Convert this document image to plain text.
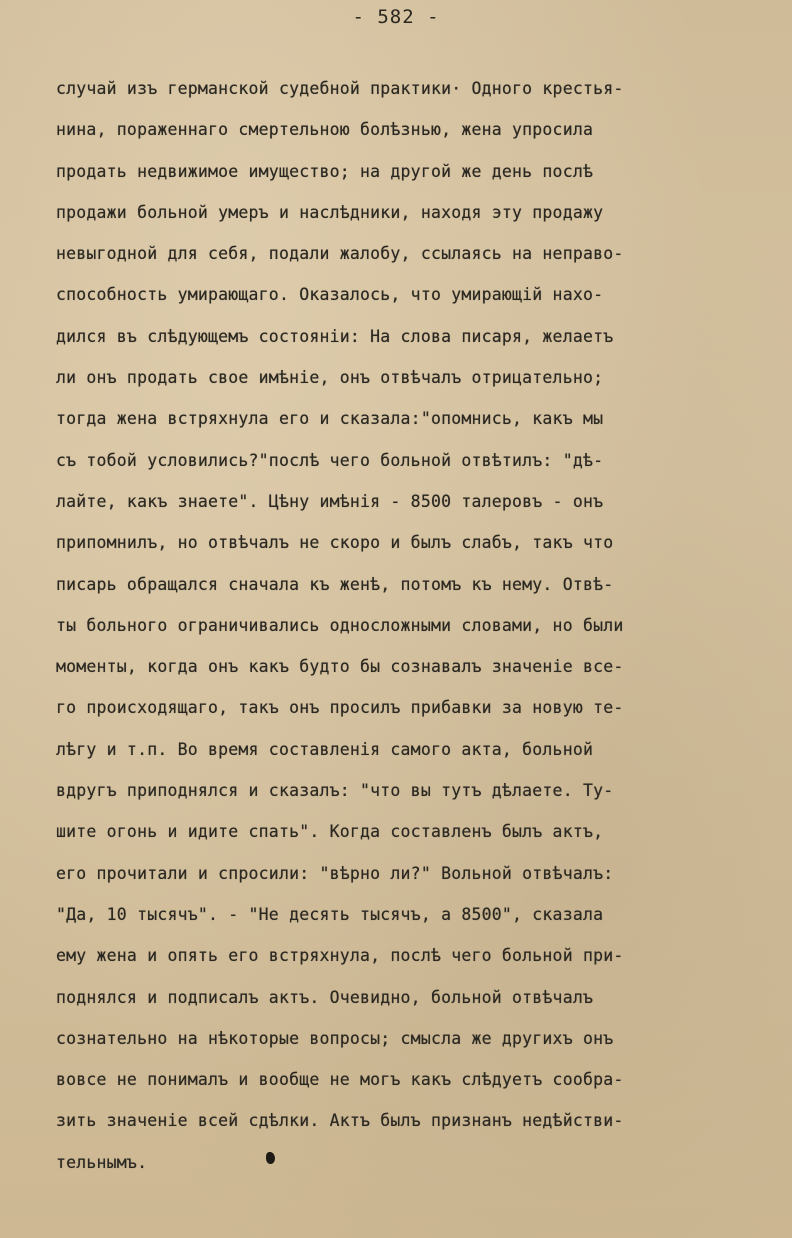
- 582 -
случай изъ германской судебной практики· Одного крестья-
нина, пораженнаго смертельною болѣзнью, жена упросила
продать недвижимое имущество; на другой же день послѣ
продажи больной умеръ и наслѣдники, находя эту продажу
невыгодной для себя, подали жалобу, ссылаясь на неправо-
способность умирающаго. Оказалось, что умирающій нахо-
дился въ слѣдующемъ состояніи: На слова писаря, желаетъ
ли онъ продать свое имѣніе, онъ отвѣчалъ отрицательно;
тогда жена встряхнула его и сказала:"опомнись, какъ мы
съ тобой условились?"послѣ чего больной отвѣтилъ: "дѣ-
лайте, какъ знаете". Цѣну имѣнія - 8500 талеровъ - онъ
припомнилъ, но отвѣчалъ не скоро и былъ слабъ, такъ что
писарь обращался сначала къ женѣ, потомъ къ нему. Отвѣ-
ты больного ограничивались односложными словами, но были
моменты, когда онъ какъ будто бы сознавалъ значеніе все-
го происходящаго, такъ онъ просилъ прибавки за новую те-
лѣгу и т.п. Во время составленія самого акта, больной
вдругъ приподнялся и сказалъ: "что вы тутъ дѣлаете. Ту-
шите огонь и идите спать". Когда составленъ былъ актъ,
его прочитали и спросили: "вѣрно ли?" Вольной отвѣчалъ:
"Да, 10 тысячъ". - "Не десять тысячъ, а 8500", сказала
ему жена и опять его встряхнула, послѣ чего больной при-
поднялся и подписалъ актъ. Очевидно, больной отвѣчалъ
сознательно на нѣкоторые вопросы; смысла же другихъ онъ
вовсе не понималъ и вообще не могъ какъ слѣдуетъ сообра-
зить значеніе всей сдѣлки. Актъ былъ признанъ недѣйстви-
тельнымъ.
